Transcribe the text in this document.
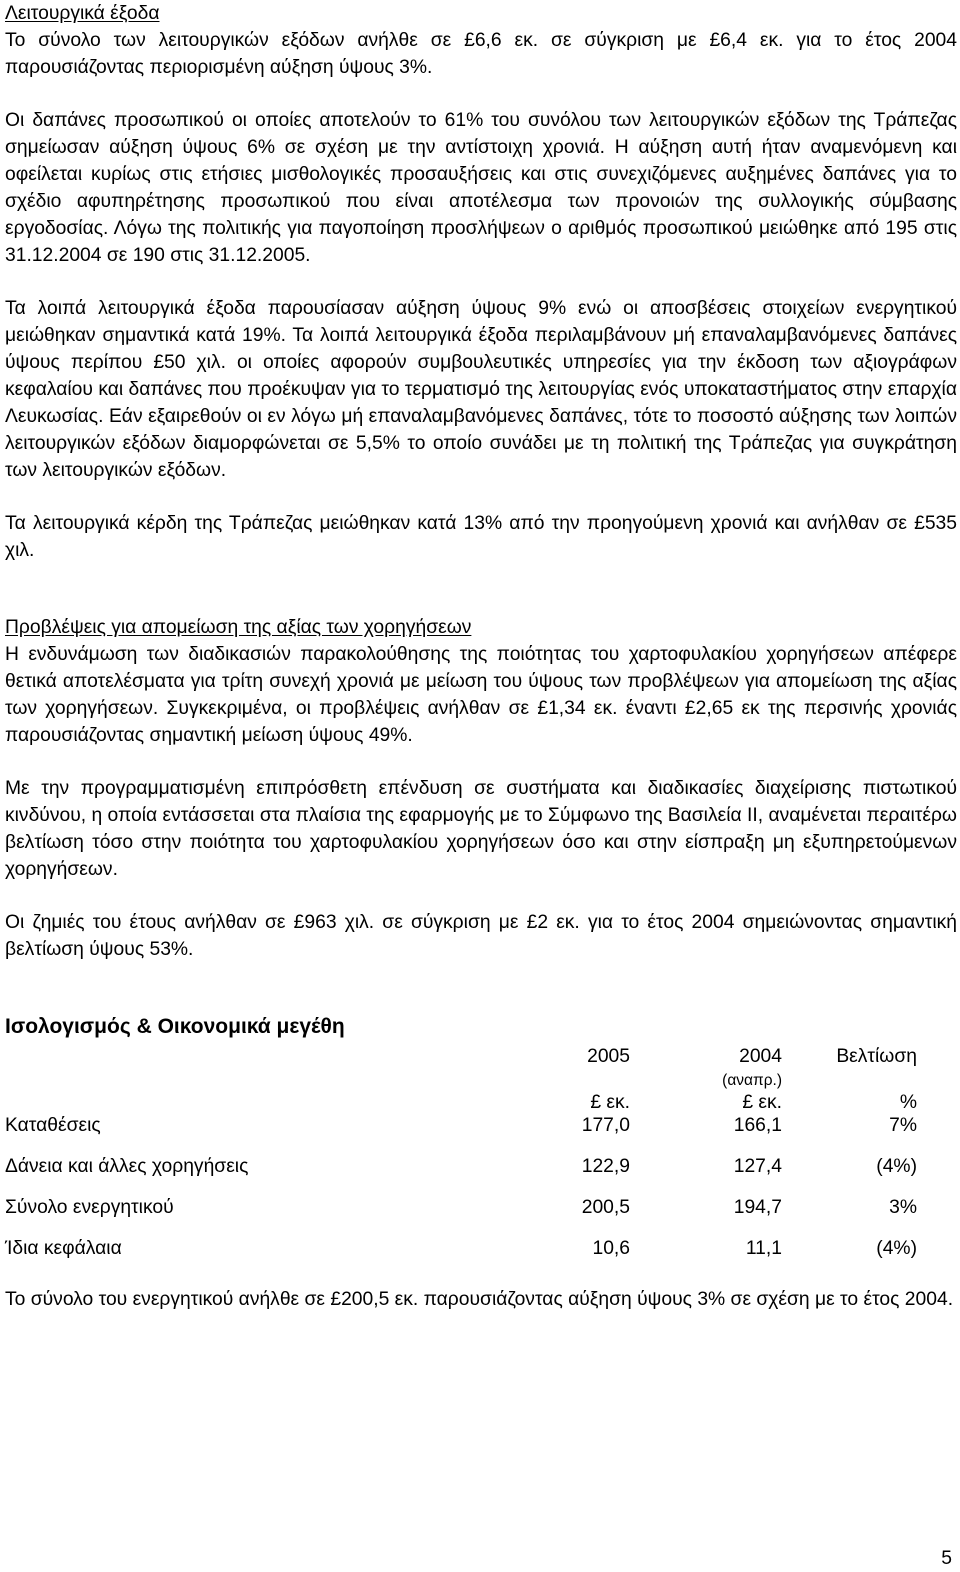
Λειτουργικά έξοδα

Το σύνολο των λειτουργικών εξόδων ανήλθε σε £6,6 εκ. σε σύγκριση με £6,4 εκ. για το έτος 2004 παρουσιάζοντας περιορισμένη αύξηση ύψους 3%.

Οι δαπάνες προσωπικού οι οποίες αποτελούν το 61% του συνόλου των λειτουργικών εξόδων της Τράπεζας σημείωσαν αύξηση ύψους 6% σε σχέση με την αντίστοιχη χρονιά. Η αύξηση αυτή ήταν αναμενόμενη και οφείλεται κυρίως στις ετήσιες μισθολογικές προσαυξήσεις και στις συνεχιζόμενες αυξημένες δαπάνες για το σχέδιο αφυπηρέτησης προσωπικού που είναι αποτέλεσμα των προνοιών της συλλογικής σύμβασης εργοδοσίας. Λόγω της πολιτικής για παγοποίηση προσλήψεων ο αριθμός προσωπικού μειώθηκε από 195 στις 31.12.2004 σε 190 στις 31.12.2005.

Τα λοιπά λειτουργικά έξοδα παρουσίασαν αύξηση ύψους 9% ενώ οι αποσβέσεις στοιχείων ενεργητικού μειώθηκαν σημαντικά κατά 19%. Τα λοιπά λειτουργικά έξοδα περιλαμβάνουν μή επαναλαμβανόμενες δαπάνες ύψους περίπου £50 χιλ. οι οποίες αφορούν συμβουλευτικές υπηρεσίες για την έκδοση των αξιογράφων κεφαλαίου και δαπάνες που προέκυψαν για το τερματισμό της λειτουργίας ενός υποκαταστήματος στην επαρχία Λευκωσίας. Εάν εξαιρεθούν οι εν λόγω μή επαναλαμβανόμενες δαπάνες, τότε το ποσοστό αύξησης των λοιπών λειτουργικών εξόδων διαμορφώνεται σε 5,5% το οποίο συνάδει με τη πολιτική της Τράπεζας για συγκράτηση των λειτουργικών εξόδων.

Τα λειτουργικά κέρδη της Τράπεζας μειώθηκαν κατά 13% από την προηγούμενη χρονιά και ανήλθαν σε £535 χιλ.

Προβλέψεις για απομείωση της αξίας των χορηγήσεων

Η ενδυνάμωση των διαδικασιών παρακολούθησης της ποιότητας του χαρτοφυλακίου χορηγήσεων απέφερε θετικά αποτελέσματα για τρίτη συνεχή χρονιά με μείωση του ύψους των προβλέψεων για απομείωση της αξίας των χορηγήσεων. Συγκεκριμένα, οι προβλέψεις ανήλθαν σε £1,34 εκ. έναντι £2,65 εκ της περσινής χρονιάς παρουσιάζοντας σημαντική μείωση ύψους 49%.

Με την προγραμματισμένη επιπρόσθετη επένδυση σε συστήματα και διαδικασίες διαχείρισης πιστωτικού κινδύνου, η οποία εντάσσεται στα πλαίσια της εφαρμογής με το Σύμφωνο της Βασιλεία ΙΙ, αναμένεται περαιτέρω βελτίωση τόσο στην ποιότητα του χαρτοφυλακίου χορηγήσεων όσο και στην είσπραξη μη εξυπηρετούμενων χορηγήσεων.

Οι ζημιές του έτους ανήλθαν σε £963 χιλ. σε σύγκριση με £2 εκ. για το έτος 2004 σημειώνοντας σημαντική βελτίωση ύψους 53%.

Ισολογισμός & Οικονομικά μεγέθη
	2005	2004	Βελτίωση	
		(αναπρ.)		
	£ εκ.	£ εκ.	%	
Καταθέσεις	177,0	166,1	7%	

Δάνεια και άλλες χορηγήσεις	122,9	127,4	(4%)	

Σύνολο ενεργητικού	200,5	194,7	3%	

Ίδια κεφάλαια	10,6	11,1	(4%)	

Το σύνολο του ενεργητικού ανήλθε σε £200,5 εκ. παρουσιάζοντας αύξηση ύψους 3% σε σχέση με το έτος 2004.

5
